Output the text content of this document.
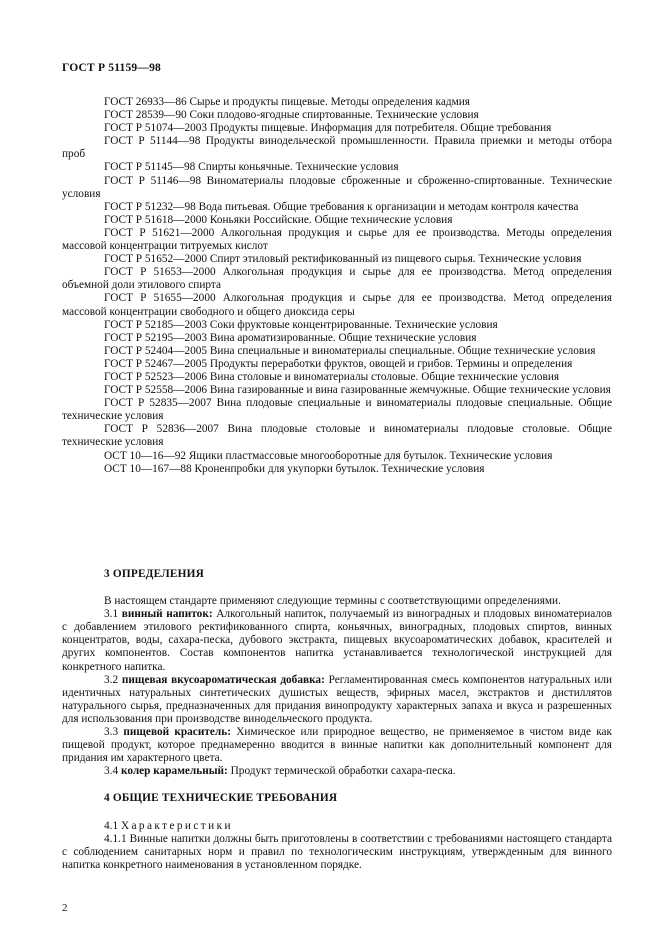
ГОСТ Р 51159—98

ГОСТ 26933—86 Сырье и продукты пищевые. Методы определения кадмия

ГОСТ 28539—90 Соки плодово-ягодные спиртованные. Технические условия

ГОСТ Р 51074—2003 Продукты пищевые. Информация для потребителя. Общие требования

ГОСТ Р 51144—98 Продукты винодельческой промышленности. Правила приемки и методы отбора проб

ГОСТ Р 51145—98 Спирты коньячные. Технические условия

ГОСТ Р 51146—98 Виноматериалы плодовые сброженные и сброженно-спиртованные. Технические условия

ГОСТ Р 51232—98 Вода питьевая. Общие требования к организации и методам контроля качества

ГОСТ Р 51618—2000 Коньяки Российские. Общие технические условия

ГОСТ Р 51621—2000 Алкогольная продукция и сырье для ее производства. Методы определения массовой концентрации титруемых кислот

ГОСТ Р 51652—2000 Спирт этиловый ректификованный из пищевого сырья. Технические условия

ГОСТ Р 51653—2000 Алкогольная продукция и сырье для ее производства. Метод определения объемной доли этилового спирта

ГОСТ Р 51655—2000 Алкогольная продукция и сырье для ее производства. Метод определения массовой концентрации свободного и общего диоксида серы

ГОСТ Р 52185—2003 Соки фруктовые концентрированные. Технические условия

ГОСТ Р 52195—2003 Вина ароматизированные. Общие технические условия

ГОСТ Р 52404—2005 Вина специальные и виноматериалы специальные. Общие технические условия

ГОСТ Р 52467—2005 Продукты переработки фруктов, овощей и грибов. Термины и определения

ГОСТ Р 52523—2006 Вина столовые и виноматериалы столовые. Общие технические условия

ГОСТ Р 52558—2006 Вина газированные и вина газированные жемчужные. Общие технические условия

ГОСТ Р 52835—2007 Вина плодовые специальные и виноматериалы плодовые специальные. Общие технические условия

ГОСТ Р 52836—2007 Вина плодовые столовые и виноматериалы плодовые столовые. Общие технические условия

ОСТ 10—16—92 Ящики пластмассовые многооборотные для бутылок. Технические условия

ОСТ 10—167—88 Кроненпробки для укупорки бутылок. Технические условия

3 ОПРЕДЕЛЕНИЯ

В настоящем стандарте применяют следующие термины с соответствующими определениями.

3.1 винный напиток: Алкогольный напиток, получаемый из виноградных и плодовых виноматериалов с добавлением этилового ректификованного спирта, коньячных, виноградных, плодовых спиртов, винных концентратов, воды, сахара-песка, дубового экстракта, пищевых вкусоароматических добавок, красителей и других компонентов. Состав компонентов напитка устанавливается технологической инструкцией для конкретного напитка.

3.2 пищевая вкусоароматическая добавка: Регламентированная смесь компонентов натуральных или идентичных натуральных синтетических душистых веществ, эфирных масел, экстрактов и дистиллятов натурального сырья, предназначенных для придания винопродукту характерных запаха и вкуса и разрешенных для использования при производстве винодельческого продукта.

3.3 пищевой краситель: Химическое или природное вещество, не применяемое в чистом виде как пищевой продукт, которое преднамеренно вводится в винные напитки как дополнительный компонент для придания им характерного цвета.

3.4 колер карамельный: Продукт термической обработки сахара-песка.

4 ОБЩИЕ ТЕХНИЧЕСКИЕ ТРЕБОВАНИЯ

4.1 Характеристики

4.1.1 Винные напитки должны быть приготовлены в соответствии с требованиями настоящего стандарта с соблюдением санитарных норм и правил по технологическим инструкциям, утвержденным для винного напитка конкретного наименования в установленном порядке.

2
